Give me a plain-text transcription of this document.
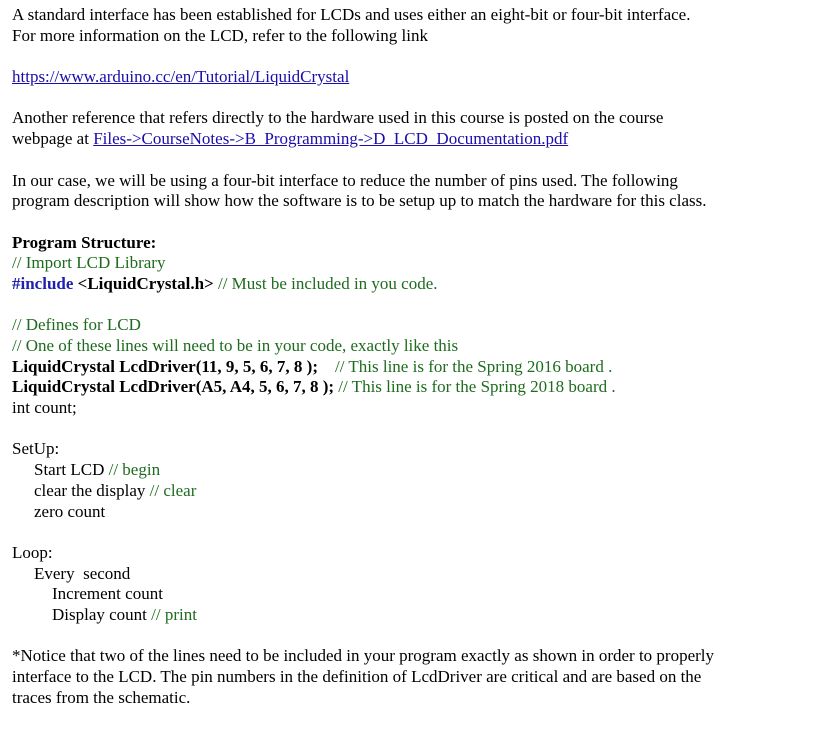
A standard interface has been established for LCDs and uses either an eight-bit or four-bit interface.
For more information on the LCD, refer to the following link
https://www.arduino.cc/en/Tutorial/LiquidCrystal
Another reference that refers directly to the hardware used in this course is posted on the course
webpage at Files->CourseNotes->B_Programming->D_LCD_Documentation.pdf
In our case, we will be using a four-bit interface to reduce the number of pins used. The following
program description will show how the software is to be setup up to match the hardware for this class.
Program Structure:
// Import LCD Library
#include <LiquidCrystal.h> // Must be included in you code.
// Defines for LCD
// One of these lines will need to be in your code, exactly like this
LiquidCrystal LcdDriver(11, 9, 5, 6, 7, 8 );    // This line is for the Spring 2016 board .
LiquidCrystal LcdDriver(A5, A4, 5, 6, 7, 8 ); // This line is for the Spring 2018 board .
int count;
SetUp:
Start LCD // begin
clear the display // clear
zero count
Loop:
Every  second
Increment count
Display count // print
*Notice that two of the lines need to be included in your program exactly as shown in order to properly
interface to the LCD. The pin numbers in the definition of LcdDriver are critical and are based on the
traces from the schematic.
